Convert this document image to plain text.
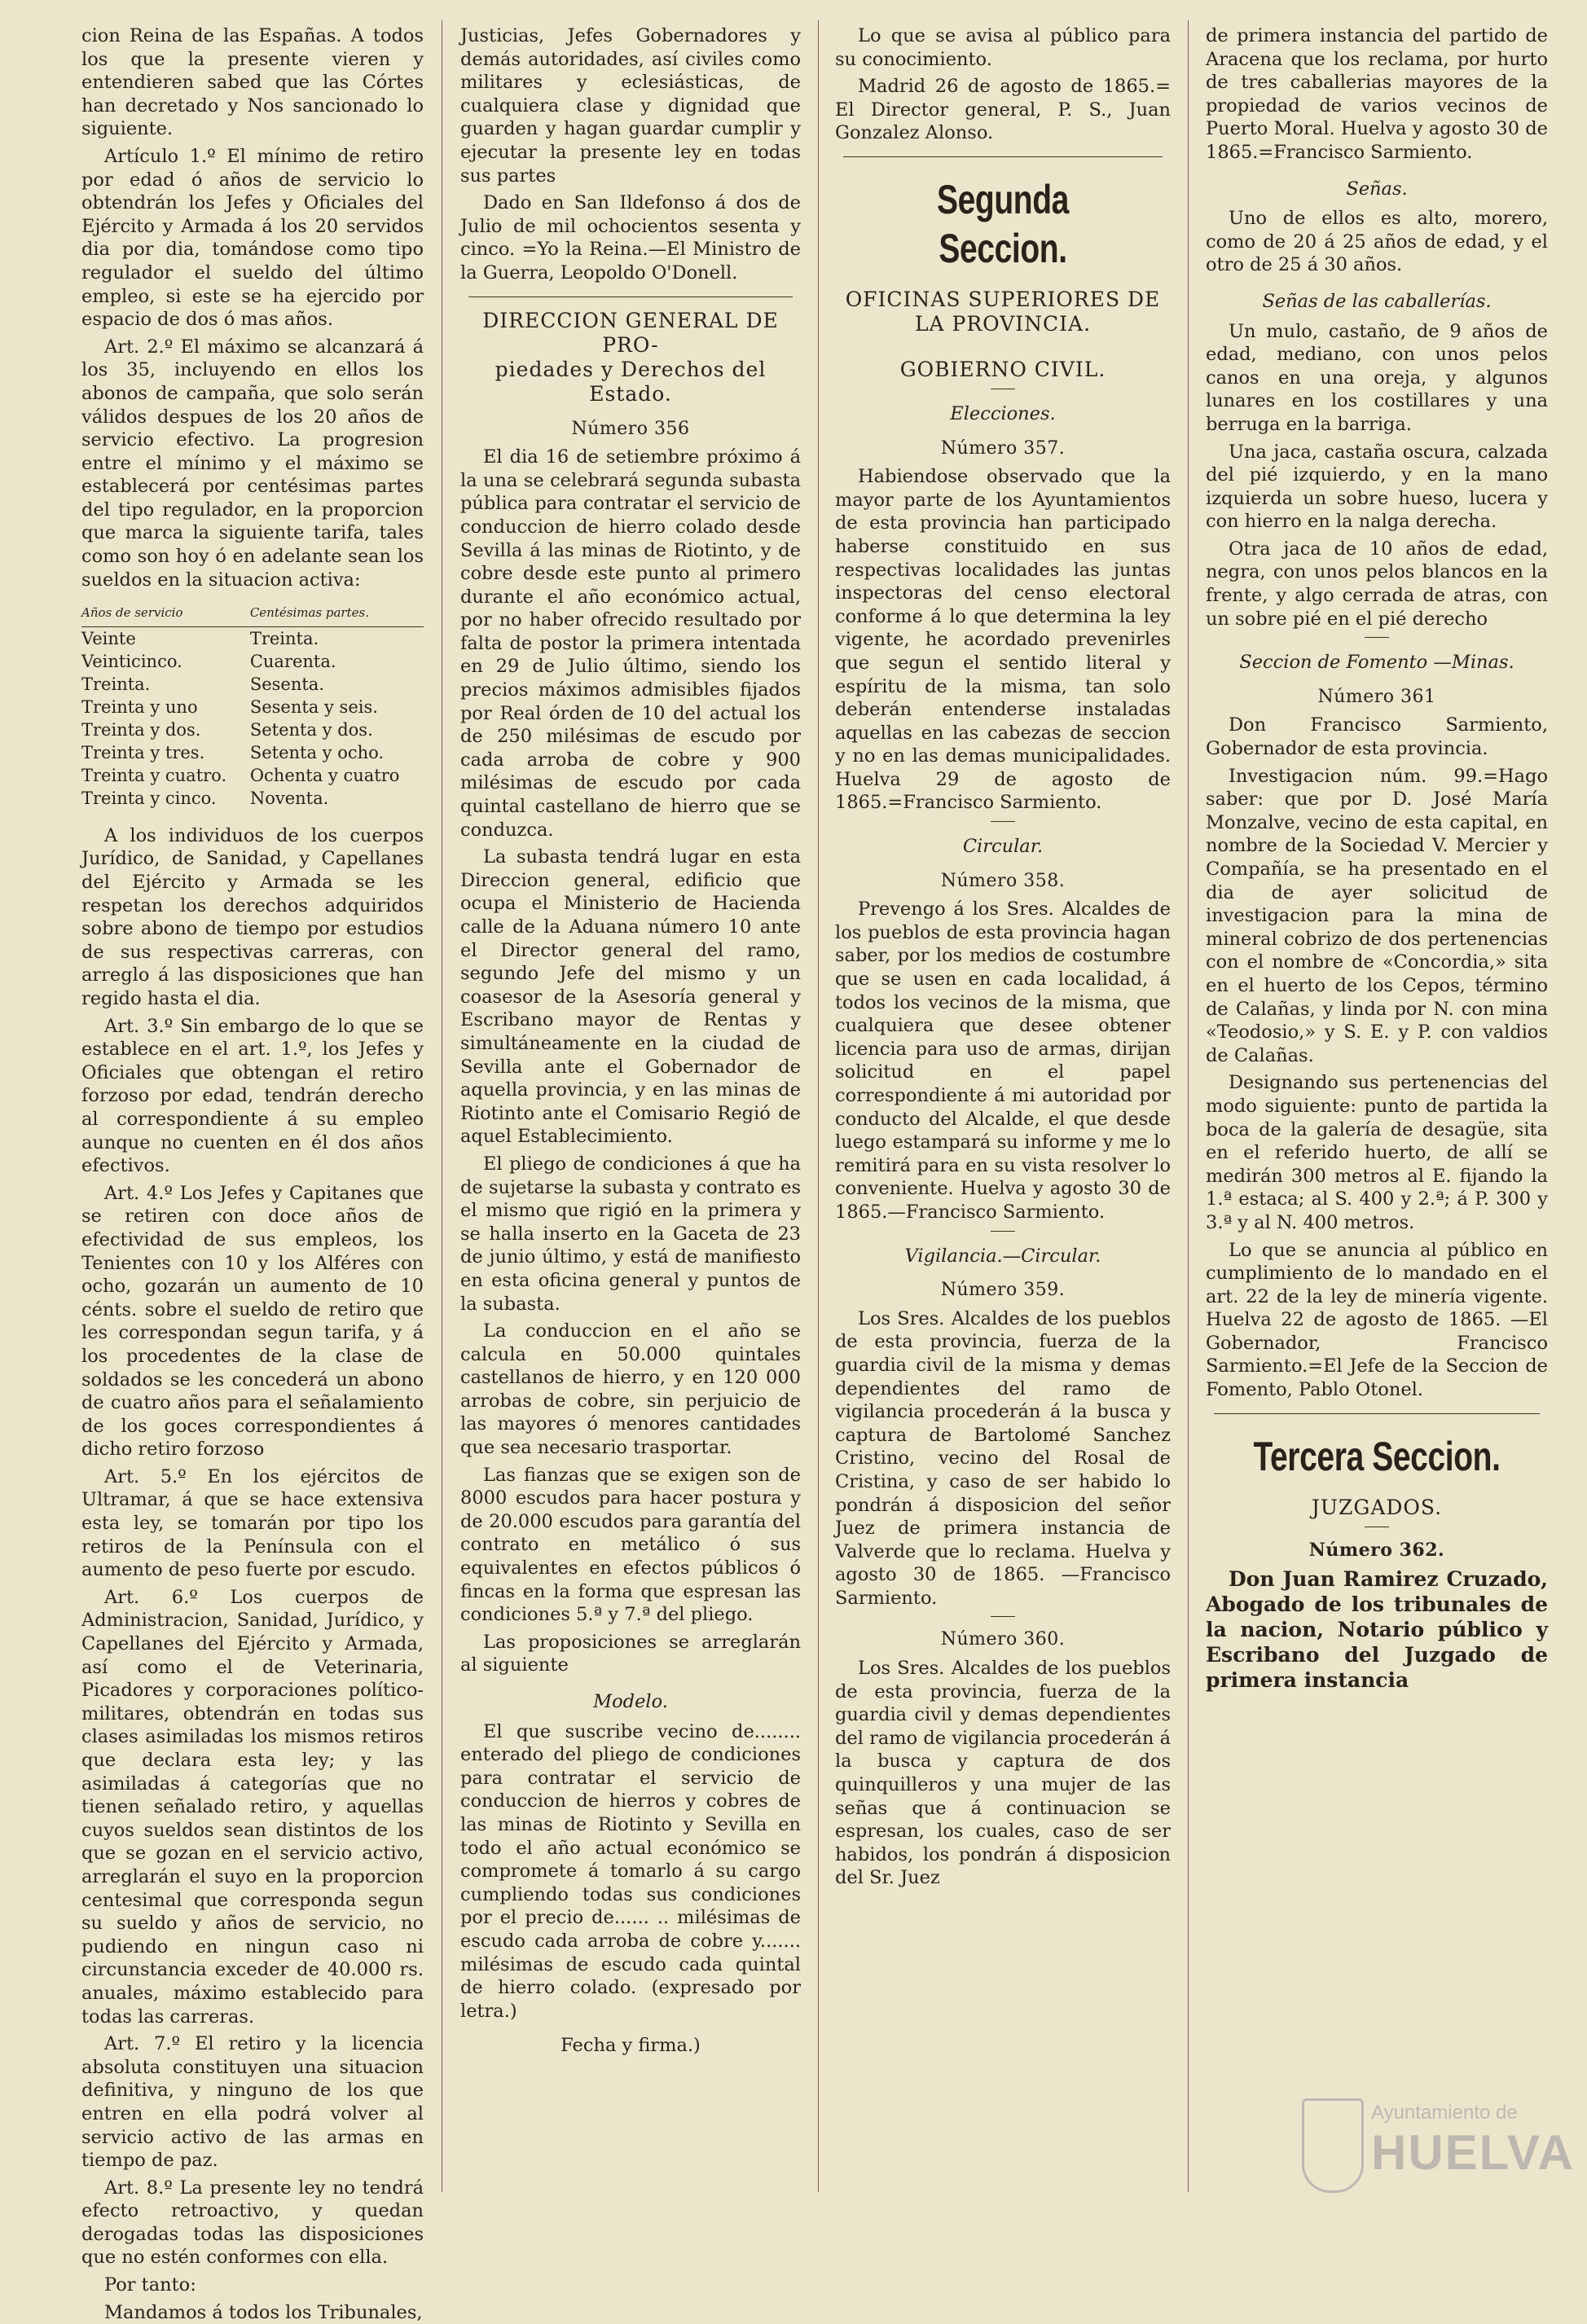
cion Reina de las Españas. A todos los que la presente vieren y entendieren sabed que las Córtes han decretado y Nos sancionado lo siguiente.

Artículo 1.º El mínimo de retiro por edad ó años de servicio lo obtendrán los Jefes y Oficiales del Ejército y Armada á los 20 servidos dia por dia, tomándose como tipo regulador el sueldo del último empleo, si este se ha ejercido por espacio de dos ó mas años.

Art. 2.º El máximo se alcanzará á los 35, incluyendo en ellos los abonos de campaña, que solo serán válidos despues de los 20 años de servicio efectivo. La progresion entre el mínimo y el máximo se establecerá por centésimas partes del tipo regulador, en la proporcion que marca la siguiente tarifa, tales como son hoy ó en adelante sean los sueldos en la situacion activa:

Años de servicio	Centésimas partes.
Veinte	Treinta.
Veinticinco.	Cuarenta.
Treinta.	Sesenta.
Treinta y uno	Sesenta y seis.
Treinta y dos.	Setenta y dos.
Treinta y tres.	Setenta y ocho.
Treinta y cuatro.	Ochenta y cuatro
Treinta y cinco.	Noventa.

A los individuos de los cuerpos Jurídico, de Sanidad, y Capellanes del Ejército y Armada se les respetan los derechos adquiridos sobre abono de tiempo por estudios de sus respectivas carreras, con arreglo á las disposiciones que han regido hasta el dia.

Art. 3.º Sin embargo de lo que se establece en el art. 1.º, los Jefes y Oficiales que obtengan el retiro forzoso por edad, tendrán derecho al correspondiente á su empleo aunque no cuenten en él dos años efectivos.

Art. 4.º Los Jefes y Capitanes que se retiren con doce años de efectividad de sus empleos, los Tenientes con 10 y los Alféres con ocho, gozarán un aumento de 10 cénts. sobre el sueldo de retiro que les correspondan segun tarifa, y á los procedentes de la clase de soldados se les concederá un abono de cuatro años para el señalamiento de los goces correspondientes á dicho retiro forzoso

Art. 5.º En los ejércitos de Ultramar, á que se hace extensiva esta ley, se tomarán por tipo los retiros de la Península con el aumento de peso fuerte por escudo.

Art. 6.º Los cuerpos de Administracion, Sanidad, Jurídico, y Capellanes del Ejército y Armada, así como el de Veterinaria, Picadores y corporaciones político-militares, obtendrán en todas sus clases asimiladas los mismos retiros que declara esta ley; y las asimiladas á categorías que no tienen señalado retiro, y aquellas cuyos sueldos sean distintos de los que se gozan en el servicio activo, arreglarán el suyo en la proporcion centesimal que corresponda segun su sueldo y años de servicio, no pudiendo en ningun caso ni circunstancia exceder de 40.000 rs. anuales, máximo establecido para todas las carreras.

Art. 7.º El retiro y la licencia absoluta constituyen una situacion definitiva, y ninguno de los que entren en ella podrá volver al servicio activo de las armas en tiempo de paz.

Art. 8.º La presente ley no tendrá efecto retroactivo, y quedan derogadas todas las disposiciones que no estén conformes con ella.

Por tanto:

Mandamos á todos los Tribunales,

Justicias, Jefes Gobernadores y demás autoridades, así civiles como militares y eclesiásticas, de cualquiera clase y dignidad que guarden y hagan guardar cumplir y ejecutar la presente ley en todas sus partes

Dado en San Ildefonso á dos de Julio de mil ochocientos sesenta y cinco. =Yo la Reina.—El Ministro de la Guerra, Leopoldo O'Donell.

DIRECCION GENERAL DE PRO-
piedades y Derechos del Estado.
Número 356

El dia 16 de setiembre próximo á la una se celebrará segunda subasta pública para contratar el servicio de conduccion de hierro colado desde Sevilla á las minas de Riotinto, y de cobre desde este punto al primero durante el año económico actual, por no haber ofrecido resultado por falta de postor la primera intentada en 29 de Julio último, siendo los precios máximos admisibles fijados por Real órden de 10 del actual los de 250 milésimas de escudo por cada arroba de cobre y 900 milésimas de escudo por cada quintal castellano de hierro que se conduzca.

La subasta tendrá lugar en esta Direccion general, edificio que ocupa el Ministerio de Hacienda calle de la Aduana número 10 ante el Director general del ramo, segundo Jefe del mismo y un coasesor de la Asesoría general y Escribano mayor de Rentas y simultáneamente en la ciudad de Sevilla ante el Gobernador de aquella provincia, y en las minas de Riotinto ante el Comisario Regió de aquel Establecimiento.

El pliego de condiciones á que ha de sujetarse la subasta y contrato es el mismo que rigió en la primera y se halla inserto en la Gaceta de 23 de junio último, y está de manifiesto en esta oficina general y puntos de la subasta.

La conduccion en el año se calcula en 50.000 quintales castellanos de hierro, y en 120 000 arrobas de cobre, sin perjuicio de las mayores ó menores cantidades que sea necesario trasportar.

Las fianzas que se exigen son de 8000 escudos para hacer postura y de 20.000 escudos para garantía del contrato en metálico ó sus equivalentes en efectos públicos ó fincas en la forma que espresan las condiciones 5.ª y 7.ª del pliego.

Las proposiciones se arreglarán al siguiente

Modelo.

El que suscribe vecino de........ enterado del pliego de condiciones para contratar el servicio de conduccion de hierros y cobres de las minas de Riotinto y Sevilla en todo el año actual económico se compromete á tomarlo á su cargo cumpliendo todas sus condiciones por el precio de...... .. milésimas de escudo cada arroba de cobre y....... milésimas de escudo cada quintal de hierro colado. (expresado por letra.)

Fecha y firma.)

Lo que se avisa al público para su conocimiento.

Madrid 26 de agosto de 1865.= El Director general, P. S., Juan Gonzalez Alonso.

Segunda Seccion.
OFICINAS SUPERIORES DE LA PROVINCIA.
GOBIERNO CIVIL.
Elecciones.
Número 357.

Habiendose observado que la mayor parte de los Ayuntamientos de esta provincia han participado haberse constituido en sus respectivas localidades las juntas inspectoras del censo electoral conforme á lo que determina la ley vigente, he acordado prevenirles que segun el sentido literal y espíritu de la misma, tan solo deberán entenderse instaladas aquellas en las cabezas de seccion y no en las demas municipalidades. Huelva 29 de agosto de 1865.=Francisco Sarmiento.

Circular.
Número 358.

Prevengo á los Sres. Alcaldes de los pueblos de esta provincia hagan saber, por los medios de costumbre que se usen en cada localidad, á todos los vecinos de la misma, que cualquiera que desee obtener licencia para uso de armas, dirijan solicitud en el papel correspondiente á mi autoridad por conducto del Alcalde, el que desde luego estampará su informe y me lo remitirá para en su vista resolver lo conveniente. Huelva y agosto 30 de 1865.—Francisco Sarmiento.

Vigilancia.—Circular.
Número 359.

Los Sres. Alcaldes de los pueblos de esta provincia, fuerza de la guardia civil de la misma y demas dependientes del ramo de vigilancia procederán á la busca y captura de Bartolomé Sanchez Cristino, vecino del Rosal de Cristina, y caso de ser habido lo pondrán á disposicion del señor Juez de primera instancia de Valverde que lo reclama. Huelva y agosto 30 de 1865. —Francisco Sarmiento.

Número 360.

Los Sres. Alcaldes de los pueblos de esta provincia, fuerza de la guardia civil y demas dependientes del ramo de vigilancia procederán á la busca y captura de dos quinquilleros y una mujer de las señas que á continuacion se espresan, los cuales, caso de ser habidos, los pondrán á disposicion del Sr. Juez

de primera instancia del partido de Aracena que los reclama, por hurto de tres caballerias mayores de la propiedad de varios vecinos de Puerto Moral. Huelva y agosto 30 de 1865.=Francisco Sarmiento.

Señas.

Uno de ellos es alto, morero, como de 20 á 25 años de edad, y el otro de 25 á 30 años.

Señas de las caballerías.

Un mulo, castaño, de 9 años de edad, mediano, con unos pelos canos en una oreja, y algunos lunares en los costillares y una berruga en la barriga.

Una jaca, castaña oscura, calzada del pié izquierdo, y en la mano izquierda un sobre hueso, lucera y con hierro en la nalga derecha.

Otra jaca de 10 años de edad, negra, con unos pelos blancos en la frente, y algo cerrada de atras, con un sobre pié en el pié derecho

Seccion de Fomento —Minas.
Número 361

Don Francisco Sarmiento, Gobernador de esta provincia.

Investigacion núm. 99.=Hago saber: que por D. José María Monzalve, vecino de esta capital, en nombre de la Sociedad V. Mercier y Compañía, se ha presentado en el dia de ayer solicitud de investigacion para la mina de mineral cobrizo de dos pertenencias con el nombre de «Concordia,» sita en el huerto de los Cepos, término de Calañas, y linda por N. con mina «Teodosio,» y S. E. y P. con valdios de Calañas.

Designando sus pertenencias del modo siguiente: punto de partida la boca de la galería de desagüe, sita en el referido huerto, de allí se medirán 300 metros al E. fijando la 1.ª estaca; al S. 400 y 2.ª; á P. 300 y 3.ª y al N. 400 metros.

Lo que se anuncia al público en cumplimiento de lo mandado en el art. 22 de la ley de minería vigente. Huelva 22 de agosto de 1865. —El Gobernador, Francisco Sarmiento.=El Jefe de la Seccion de Fomento, Pablo Otonel.

Tercera Seccion.
JUZGADOS.
Número 362.

Don Juan Ramirez Cruzado, Abogado de los tribunales de la nacion, Notario público y Escribano del Juzgado de primera instancia

Ayuntamiento de
HUELVA
